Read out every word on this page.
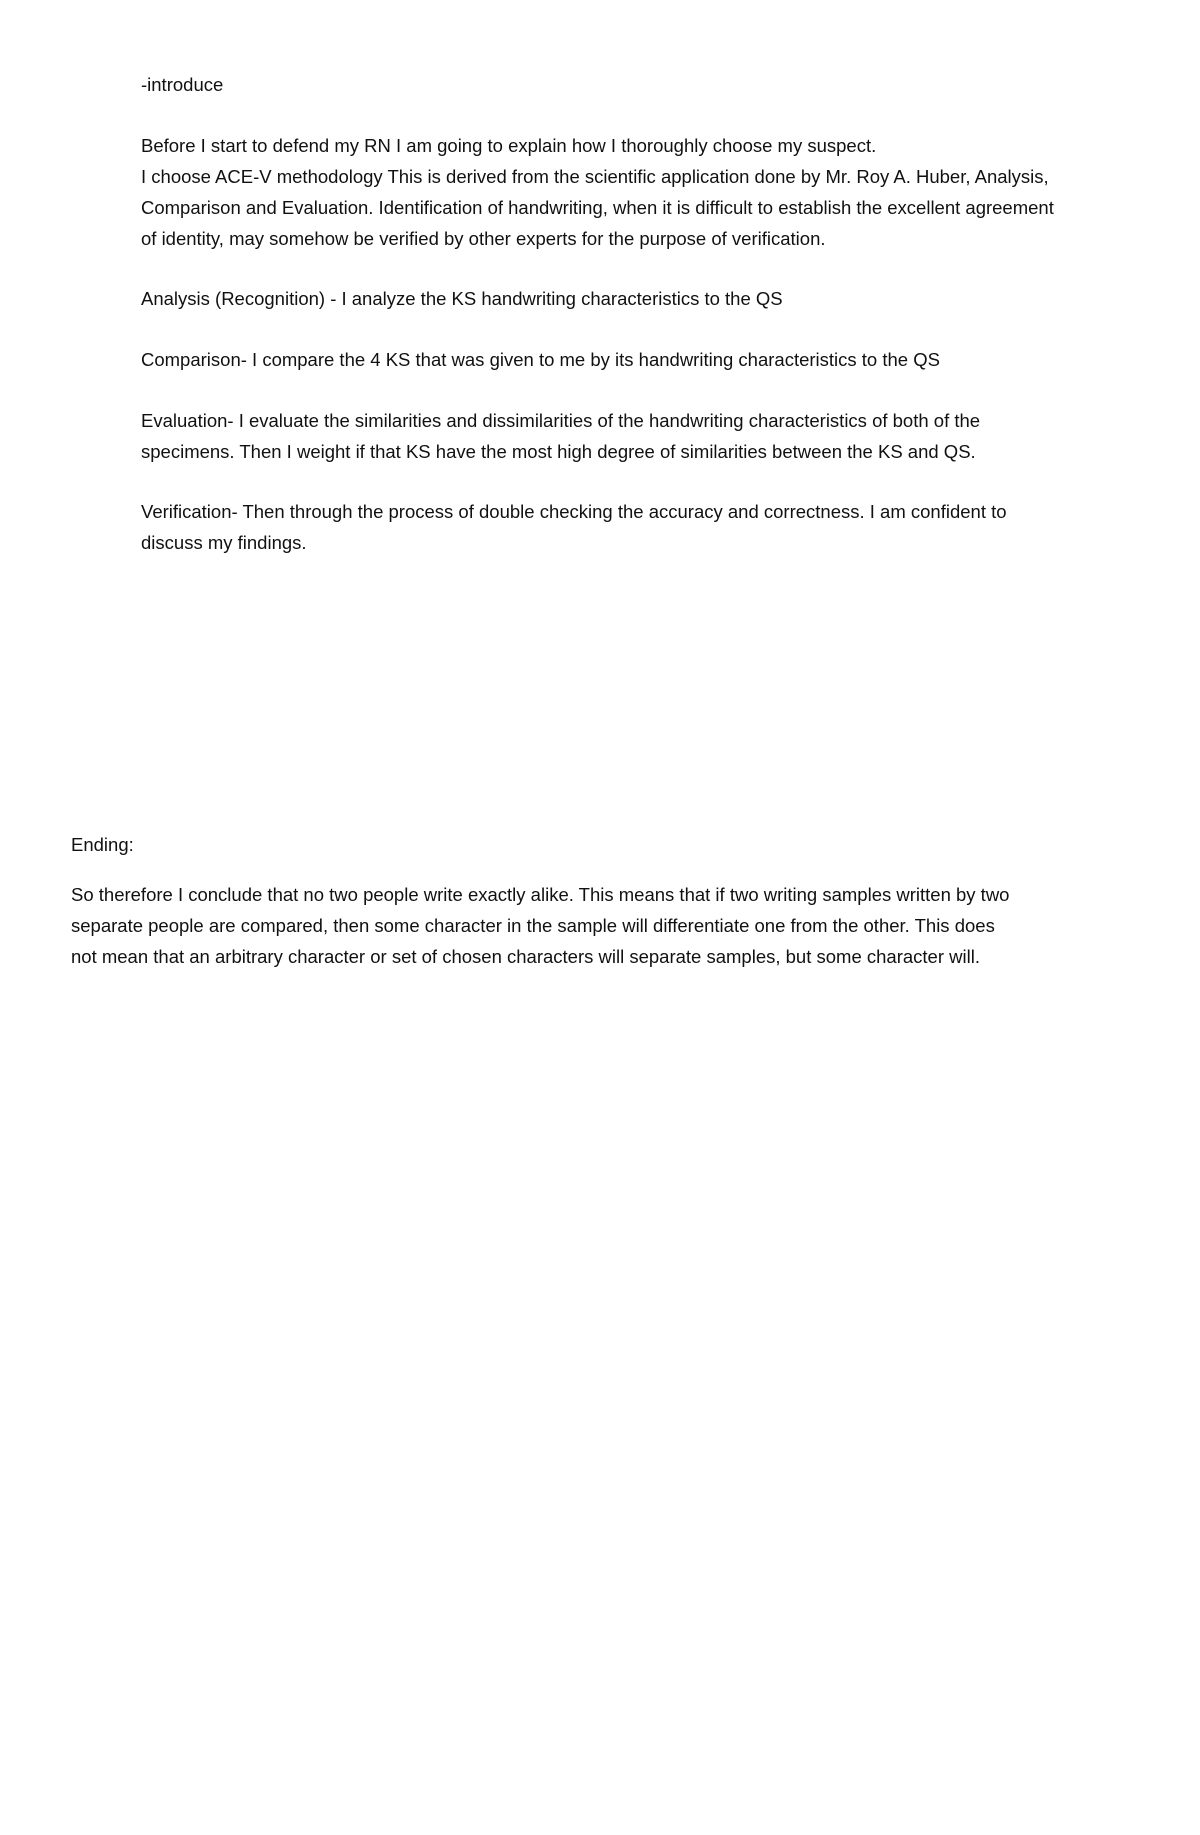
-introduce

Before I start to defend my RN I am going to explain how I thoroughly choose my suspect.
I choose ACE-V methodology This is derived from the scientific application done by Mr. Roy A. Huber, Analysis,
Comparison and Evaluation. Identification of handwriting, when it is difficult to establish the excellent agreement
of identity, may somehow be verified by other experts for the purpose of verification.

Analysis (Recognition) - I analyze the KS handwriting characteristics to the QS

Comparison- I compare the 4 KS that was given to me by its handwriting characteristics to the QS

Evaluation- I evaluate the similarities and dissimilarities of the handwriting characteristics of both of the
specimens. Then I weight if that KS have the most high degree of similarities between the KS and QS.

Verification- Then through the process of double checking the accuracy and correctness. I am confident to
discuss my findings.

Ending:

So therefore I conclude that no two people write exactly alike. This means that if two writing samples written by two
separate people are compared, then some character in the sample will differentiate one from the other. This does
not mean that an arbitrary character or set of chosen characters will separate samples, but some character will.
